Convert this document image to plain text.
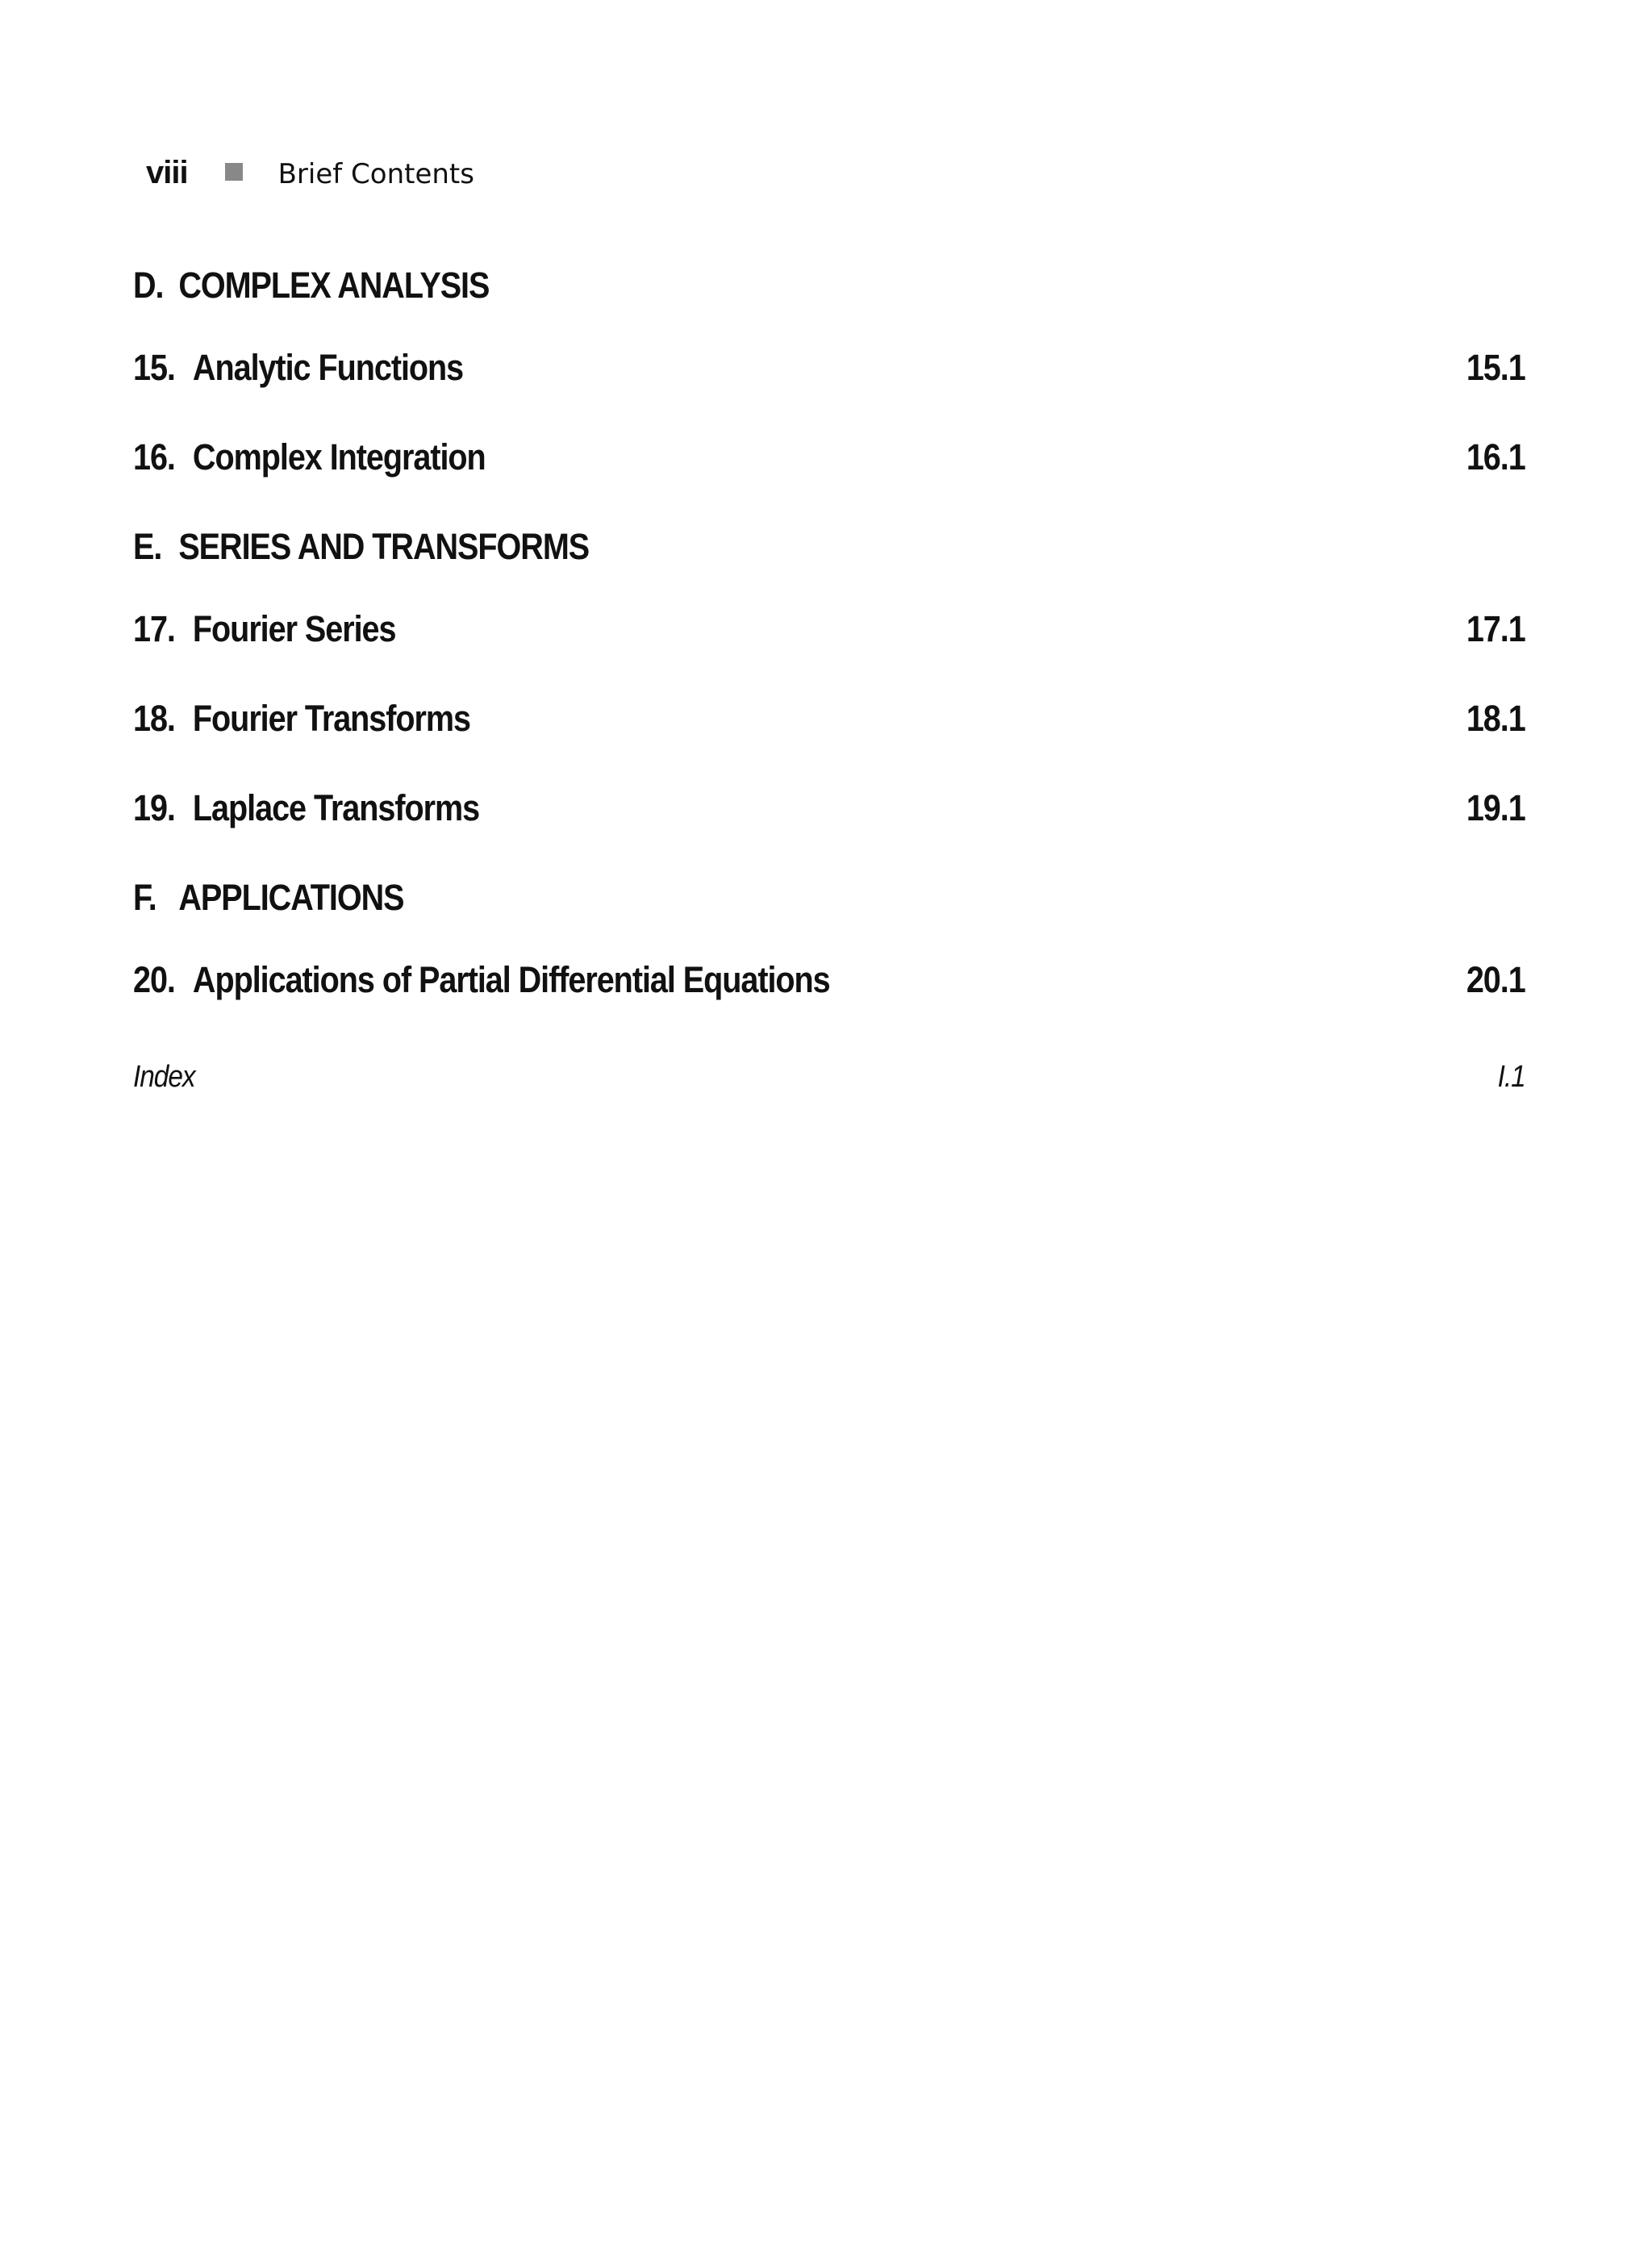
viii	Brief Contents
D. COMPLEX ANALYSIS
15. Analytic Functions	15.1
16. Complex Integration	16.1
E. SERIES AND TRANSFORMS
17. Fourier Series	17.1
18. Fourier Transforms	18.1
19. Laplace Transforms	19.1
F. APPLICATIONS
20. Applications of Partial Differential Equations	20.1
Index	I.1
